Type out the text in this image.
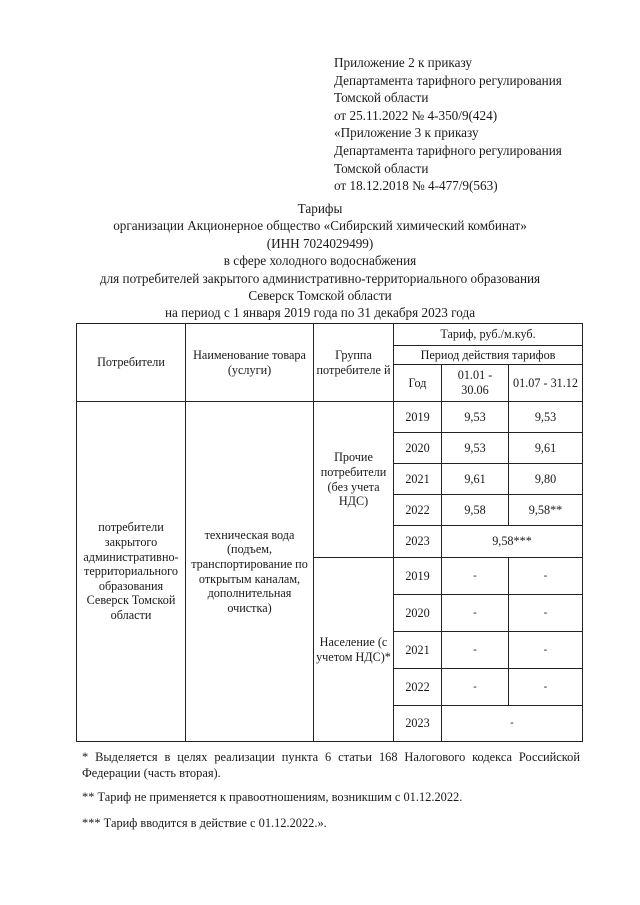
Приложение 2 к приказу
Департамента тарифного регулирования
Томской области
от 25.11.2022 № 4-350/9(424)
«Приложение 3 к приказу
Департамента тарифного регулирования
Томской области
от 18.12.2018 № 4-477/9(563)
Тарифы
организации Акционерное общество «Сибирский химический комбинат»
(ИНН 7024029499)
в сфере холодного водоснабжения
для потребителей закрытого административно-территориального образования
Северск Томской области
на период с 1 января 2019 года по 31 декабря 2023 года
Потребители	Наименование товара (услуги)	Группа потребителе й	Тариф, руб./м.куб.		
			Период действия тарифов		
			Год	01.01 - 30.06	01.07 - 31.12
потребители закрытого административно-территориального образования Северск Томской области	техническая вода (подъем, транспортирование по открытым каналам, дополнительная очистка)	Прочие потребители (без учета НДС)	2019	9,53	9,53
			2020	9,53	9,61
			2021	9,61	9,80
			2022	9,58	9,58**
			2023	9,58***	
		Население (с учетом НДС)*	2019	-	-
			2020	-	-
			2021	-	-
			2022	-	-
			2023	-	

* Выделяется в целях реализации пункта 6 статьи 168 Налогового кодекса Российской Федерации (часть вторая).

** Тариф не применяется к правоотношениям, возникшим с 01.12.2022.

*** Тариф вводится в действие с 01.12.2022.».
